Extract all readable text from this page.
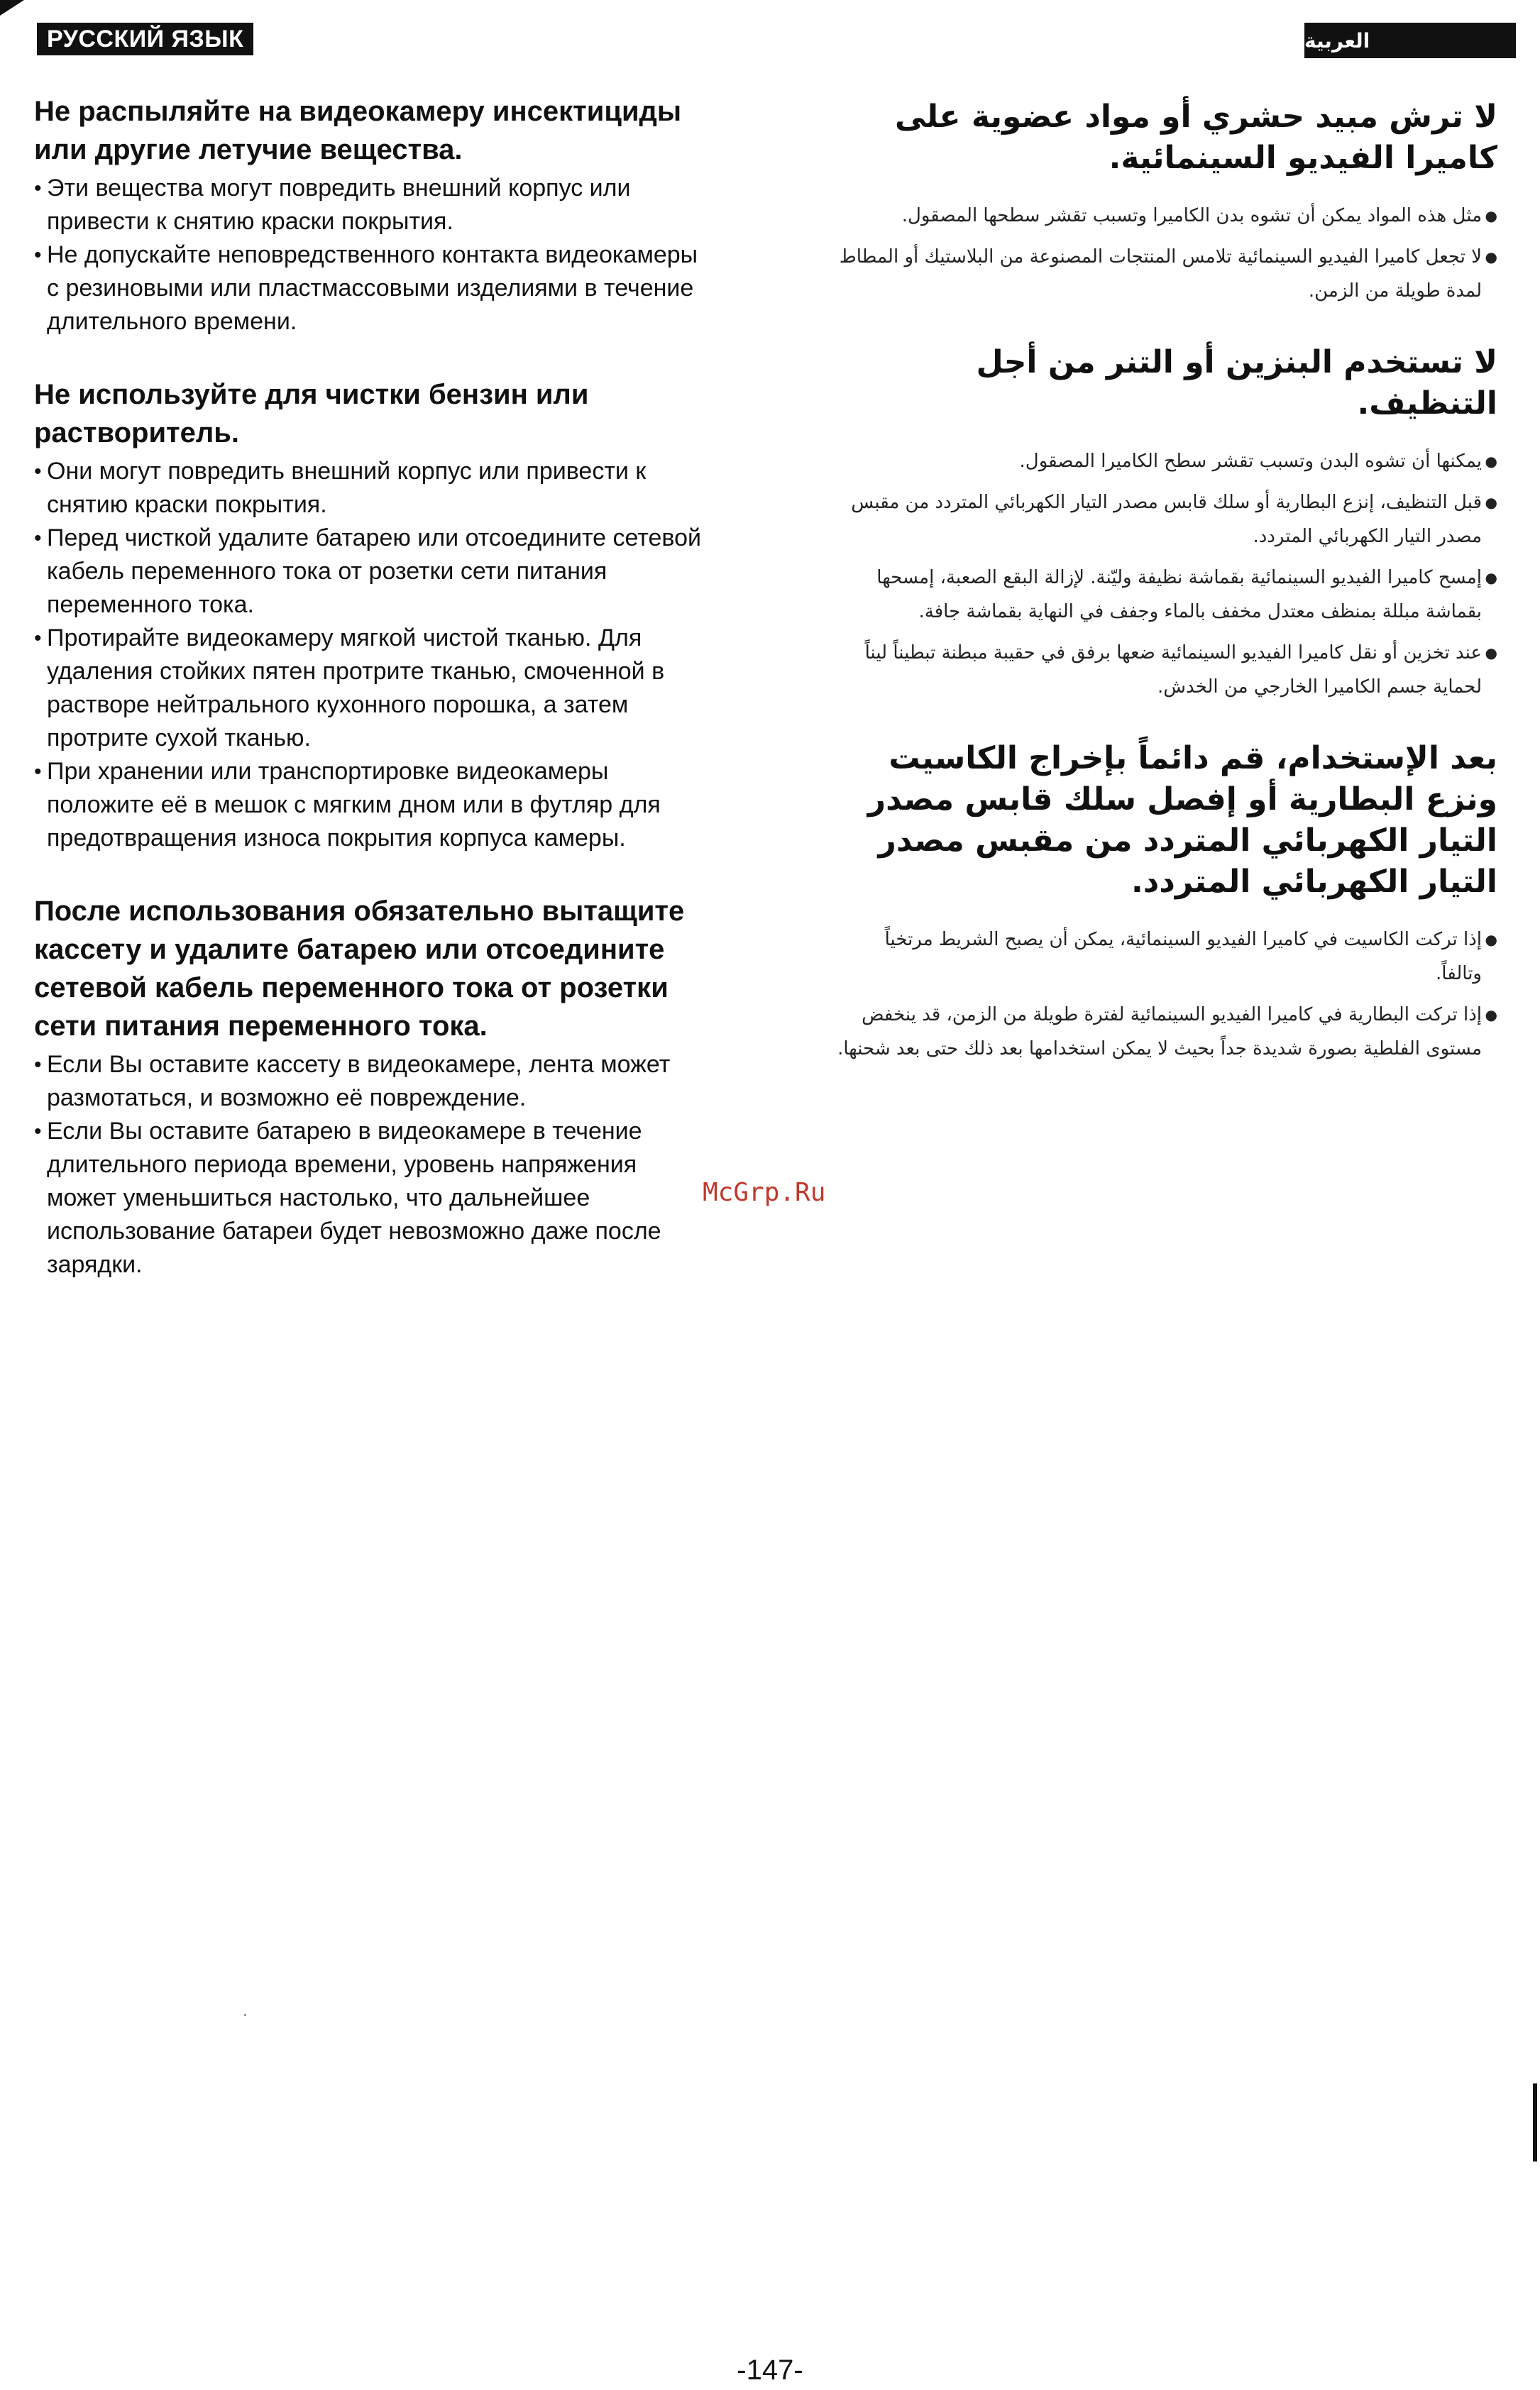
РУССКИЙ ЯЗЫК	العربية

Не распыляйте на видеокамеру инсектициды или другие летучие вещества.

• Эти вещества могут повредить внешний корпус или привести к снятию краски покрытия.
• Не допускайте неповредственного контакта видеокамеры с резиновыми или пластмассовыми изделиями в течение длительного времени.

Не используйте для чистки бензин или растворитель.

• Они могут повредить внешний корпус или привести к снятию краски покрытия.
• Перед чисткой удалите батарею или отсоедините сетевой кабель переменного тока от розетки сети питания переменного тока.
• Протирайте видеокамеру мягкой чистой тканью. Для удаления стойких пятен протрите тканью, смоченной в растворе нейтрального кухонного порошка, а затем протрите сухой тканью.
• При хранении или транспортировке видеокамеры положите её в мешок с мягким дном или в футляр для предотвращения износа покрытия корпуса камеры.

После использования обязательно вытащите кассету и удалите батарею или отсоедините сетевой кабель переменного тока от розетки сети питания переменного тока.

• Если Вы оставите кассету в видеокамере, лента может размотаться, и возможно её повреждение.
• Если Вы оставите батарею в видеокамере в течение длительного периода времени, уровень напряжения может уменьшиться настолько, что дальнейшее использование батареи будет невозможно даже после зарядки.

لا ترش مبيد حشري أو مواد عضوية على كاميرا الفيديو السينمائية.

● مثل هذه المواد يمكن أن تشوه بدن الكاميرا وتسبب تقشر سطحها المصقول.
● لا تجعل كاميرا الفيديو السينمائية تلامس المنتجات المصنوعة من البلاستيك أو المطاط لمدة طويلة من الزمن.

لا تستخدم البنزين أو التنر من أجل التنظيف.

● يمكنها أن تشوه البدن وتسبب تقشر سطح الكاميرا المصقول.
● قبل التنظيف، إنزع البطارية أو سلك قابس مصدر التيار الكهربائي المتردد من مقبس مصدر التيار الكهربائي المتردد.
● إمسح كاميرا الفيديو السينمائية بقماشة نظيفة وليّنة. لإزالة البقع الصعبة، إمسحها بقماشة مبللة بمنظف معتدل مخفف بالماء وجفف في النهاية بقماشة جافة.
● عند تخزين أو نقل كاميرا الفيديو السينمائية ضعها برفق في حقيبة مبطنة تبطيناً ليناً لحماية جسم الكاميرا الخارجي من الخدش.

بعد الإستخدام، قم دائماً بإخراج الكاسيت ونزع البطارية أو إفصل سلك قابس مصدر التيار الكهربائي المتردد من مقبس مصدر التيار الكهربائي المتردد.

● إذا تركت الكاسيت في كاميرا الفيديو السينمائية، يمكن أن يصبح الشريط مرتخياً وتالفاً.
● إذا تركت البطارية في كاميرا الفيديو السينمائية لفترة طويلة من الزمن، قد ينخفض مستوى الفلطية بصورة شديدة جداً بحيث لا يمكن استخدامها بعد ذلك حتى بعد شحنها.
McGrp.Ru
-147-
